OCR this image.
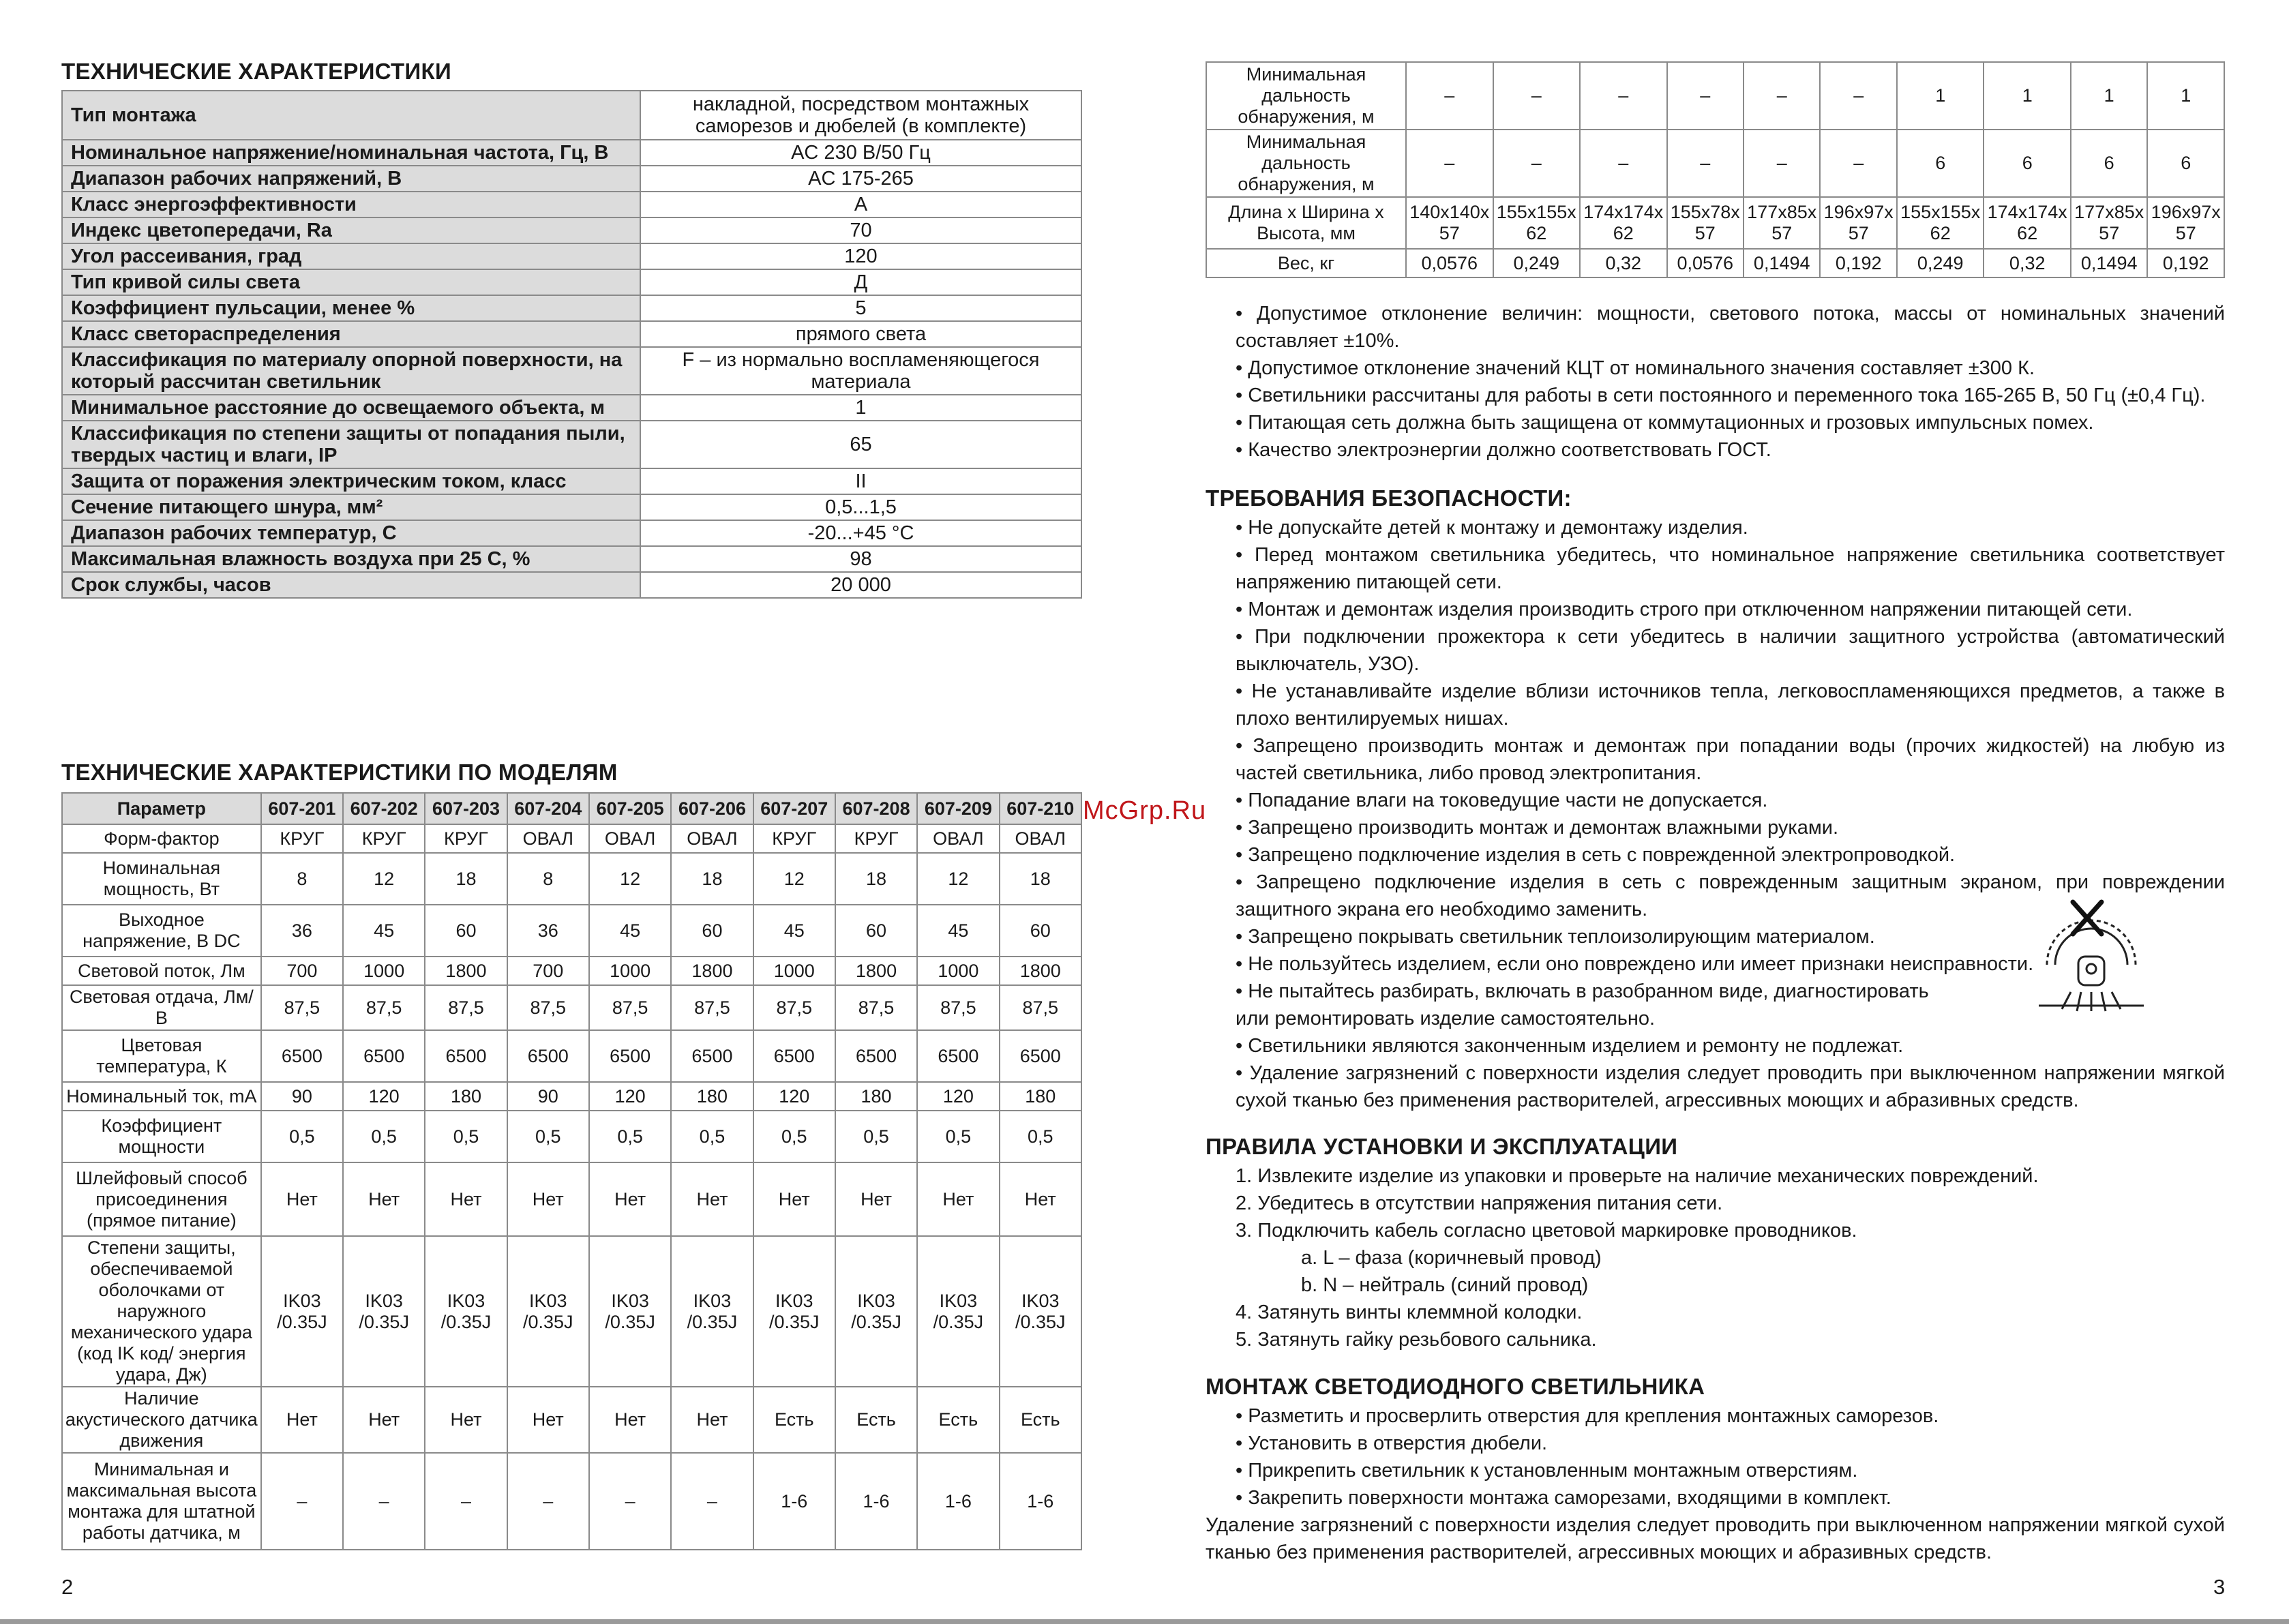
ТЕХНИЧЕСКИЕ ХАРАКТЕРИСТИКИ
Тип монтажа	накладной, посредством монтажных саморезов и дюбелей (в комплекте)
Номинальное напряжение/номинальная частота, Гц, В	AC 230 В/50 Гц
Диапазон рабочих напряжений, В	AC 175-265
Класс энергоэффективности	A
Индекс цветопередачи, Ra	70
Угол рассеивания, град	120
Тип кривой силы света	Д
Коэффициент пульсации, менее %	5
Класс светораспределения	прямого света
Классификация по материалу опорной поверхности, на который рассчитан светильник	F – из нормально воспламеняющегося материала
Минимальное расстояние до освещаемого объекта, м	1
Классификация по степени защиты от попадания пыли, твердых частиц и влаги, IP	65
Защита от поражения электрическим током, класс	II
Сечение питающего шнура, мм²	0,5...1,5
Диапазон рабочих температур, С	-20...+45 °С
Максимальная влажность воздуха при 25 С, %	98
Срок службы, часов	20 000
ТЕХНИЧЕСКИЕ ХАРАКТЕРИСТИКИ ПО МОДЕЛЯМ
Параметр	607-201	607-202	607-203	607-204	607-205	607-206	607-207	607-208	607-209	607-210
Форм-фактор	КРУГ	КРУГ	КРУГ	ОВАЛ	ОВАЛ	ОВАЛ	КРУГ	КРУГ	ОВАЛ	ОВАЛ
Номинальная мощность, Вт	8	12	18	8	12	18	12	18	12	18
Выходное напряжение, В DC	36	45	60	36	45	60	45	60	45	60
Световой поток, Лм	700	1000	1800	700	1000	1800	1000	1800	1000	1800
Световая отдача, Лм/В	87,5	87,5	87,5	87,5	87,5	87,5	87,5	87,5	87,5	87,5
Цветовая температура, К	6500	6500	6500	6500	6500	6500	6500	6500	6500	6500
Номинальный ток, mA	90	120	180	90	120	180	120	180	120	180
Коэффициент мощности	0,5	0,5	0,5	0,5	0,5	0,5	0,5	0,5	0,5	0,5
Шлейфовый способ присоединения (прямое питание)	Нет	Нет	Нет	Нет	Нет	Нет	Нет	Нет	Нет	Нет
Степени защиты, обеспечиваемой оболочками от наружного механического удара (код IK код/ энергия удара, Дж)	IK03 /0.35J	IK03 /0.35J	IK03 /0.35J	IK03 /0.35J	IK03 /0.35J	IK03 /0.35J	IK03 /0.35J	IK03 /0.35J	IK03 /0.35J	IK03 /0.35J
Наличие акустического датчика движения	Нет	Нет	Нет	Нет	Нет	Нет	Есть	Есть	Есть	Есть
Минимальная и максимальная высота монтажа для штатной работы датчика, м	–	–	–	–	–	–	1-6	1-6	1-6	1-6
2
McGrp.Ru
Минимальная дальность обнаружения, м	–	–	–	–	–	–	1	1	1	1
Минимальная дальность обнаружения, м	–	–	–	–	–	–	6	6	6	6
Длина х Ширина х Высота, мм	140x140x 57	155x155x 62	174x174x 62	155x78x 57	177x85x 57	196x97x 57	155x155x 62	174x174x 62	177x85x 57	196x97x 57
Вес, кг	0,0576	0,249	0,32	0,0576	0,1494	0,192	0,249	0,32	0,1494	0,192

• Допустимое отклонение величин: мощности, светового потока, массы от номинальных значений составляет ±10%.

• Допустимое отклонение значений КЦТ от номинального значения составляет ±300 К.

• Светильники рассчитаны для работы в сети постоянного и переменного тока 165-265 В, 50 Гц (±0,4 Гц).

• Питающая сеть должна быть защищена от коммутационных и грозовых импульсных помех.

• Качество электроэнергии должно соответствовать ГОСТ.

ТРЕБОВАНИЯ БЕЗОПАСНОСТИ:

• Не допускайте детей к монтажу и демонтажу изделия.

• Перед монтажом светильника убедитесь, что номинальное напряжение светильника соответствует напряжению питающей сети.

• Монтаж и демонтаж изделия производить строго при отключенном напряжении питающей сети.

• При подключении прожектора к сети убедитесь в наличии защитного устройства (автоматический выключатель, УЗО).

• Не устанавливайте изделие вблизи источников тепла, легковоспламеняющихся предметов, а также в плохо вентилируемых нишах.

• Запрещено производить монтаж и демонтаж при попадании воды (прочих жидкостей) на любую из частей светильника, либо провод электропитания.

• Попадание влаги на токоведущие части не допускается.

• Запрещено производить монтаж и демонтаж влажными руками.

• Запрещено подключение изделия в сеть с поврежденной электропроводкой.

• Запрещено подключение изделия в сеть с поврежденным защитным экраном, при повреждении защитного экрана его необходимо заменить.

• Запрещено покрывать светильник теплоизолирующим материалом.

• Не пользуйтесь изделием, если оно повреждено или имеет признаки неисправности.

• Не пытайтесь разбирать, включать в разобранном виде, диагностировать

или ремонтировать изделие самостоятельно.

• Светильники являются законченным изделием и ремонту не подлежат.

• Удаление загрязнений с поверхности изделия следует проводить при выключенном напряжении мягкой сухой тканью без применения растворителей, агрессивных моющих и абразивных средств.

ПРАВИЛА УСТАНОВКИ И ЭКСПЛУАТАЦИИ

1. Извлеките изделие из упаковки и проверьте на наличие механических повреждений.

2. Убедитесь в отсутствии напряжения питания сети.

3. Подключить кабель согласно цветовой маркировке проводников.

a. L – фаза (коричневый провод)

b. N – нейтраль (синий провод)

4. Затянуть винты клеммной колодки.

5. Затянуть гайку резьбового сальника.

МОНТАЖ СВЕТОДИОДНОГО СВЕТИЛЬНИКА

• Разметить и просверлить отверстия для крепления монтажных саморезов.

• Установить в отверстия дюбели.

• Прикрепить светильник к установленным монтажным отверстиям.

• Закрепить поверхности монтажа саморезами, входящими в комплект.

Удаление загрязнений с поверхности изделия следует проводить при выключенном напряжении мягкой сухой тканью без применения растворителей, агрессивных моющих и абразивных средств.

3
